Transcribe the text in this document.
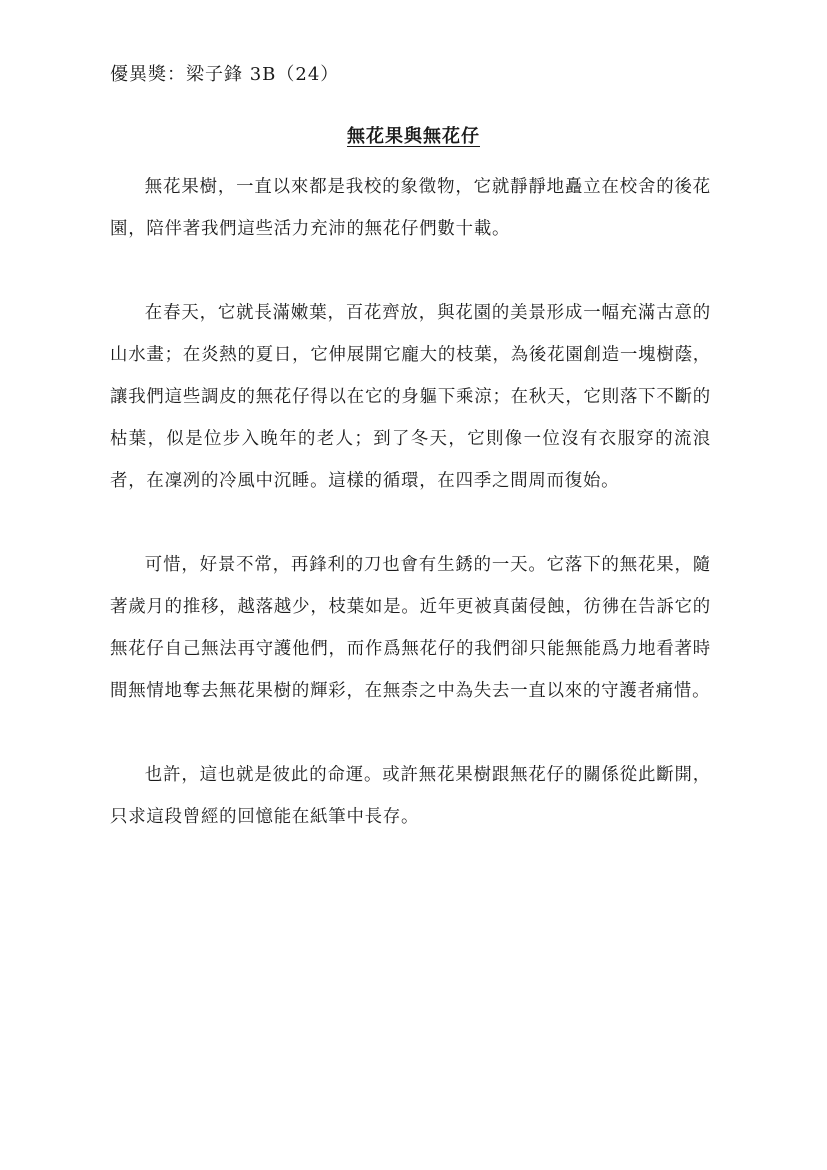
優異獎：梁子鋒 3B（24）
無花果與無花仔

無花果樹，一直以來都是我校的象徵物，它就靜靜地矗立在校舍的後花園，陪伴著我們這些活力充沛的無花仔們數十載。

在春天，它就長滿嫩葉，百花齊放，與花園的美景形成一幅充滿古意的山水畫；在炎熱的夏日，它伸展開它龐大的枝葉，為後花園創造一塊樹蔭，讓我們這些調皮的無花仔得以在它的身軀下乘涼；在秋天，它則落下不斷的枯葉，似是位步入晚年的老人；到了冬天，它則像一位沒有衣服穿的流浪者，在凜冽的冷風中沉睡。這樣的循環，在四季之間周而復始。

可惜，好景不常，再鋒利的刀也會有生銹的一天。它落下的無花果，隨著歲月的推移，越落越少，枝葉如是。近年更被真菌侵蝕，彷彿在告訴它的無花仔自己無法再守護他們，而作爲無花仔的我們卻只能無能爲力地看著時間無情地奪去無花果樹的輝彩，在無柰之中為失去一直以來的守護者痛惜。

也許，這也就是彼此的命運。或許無花果樹跟無花仔的關係從此斷開，只求這段曾經的回憶能在紙筆中長存。
